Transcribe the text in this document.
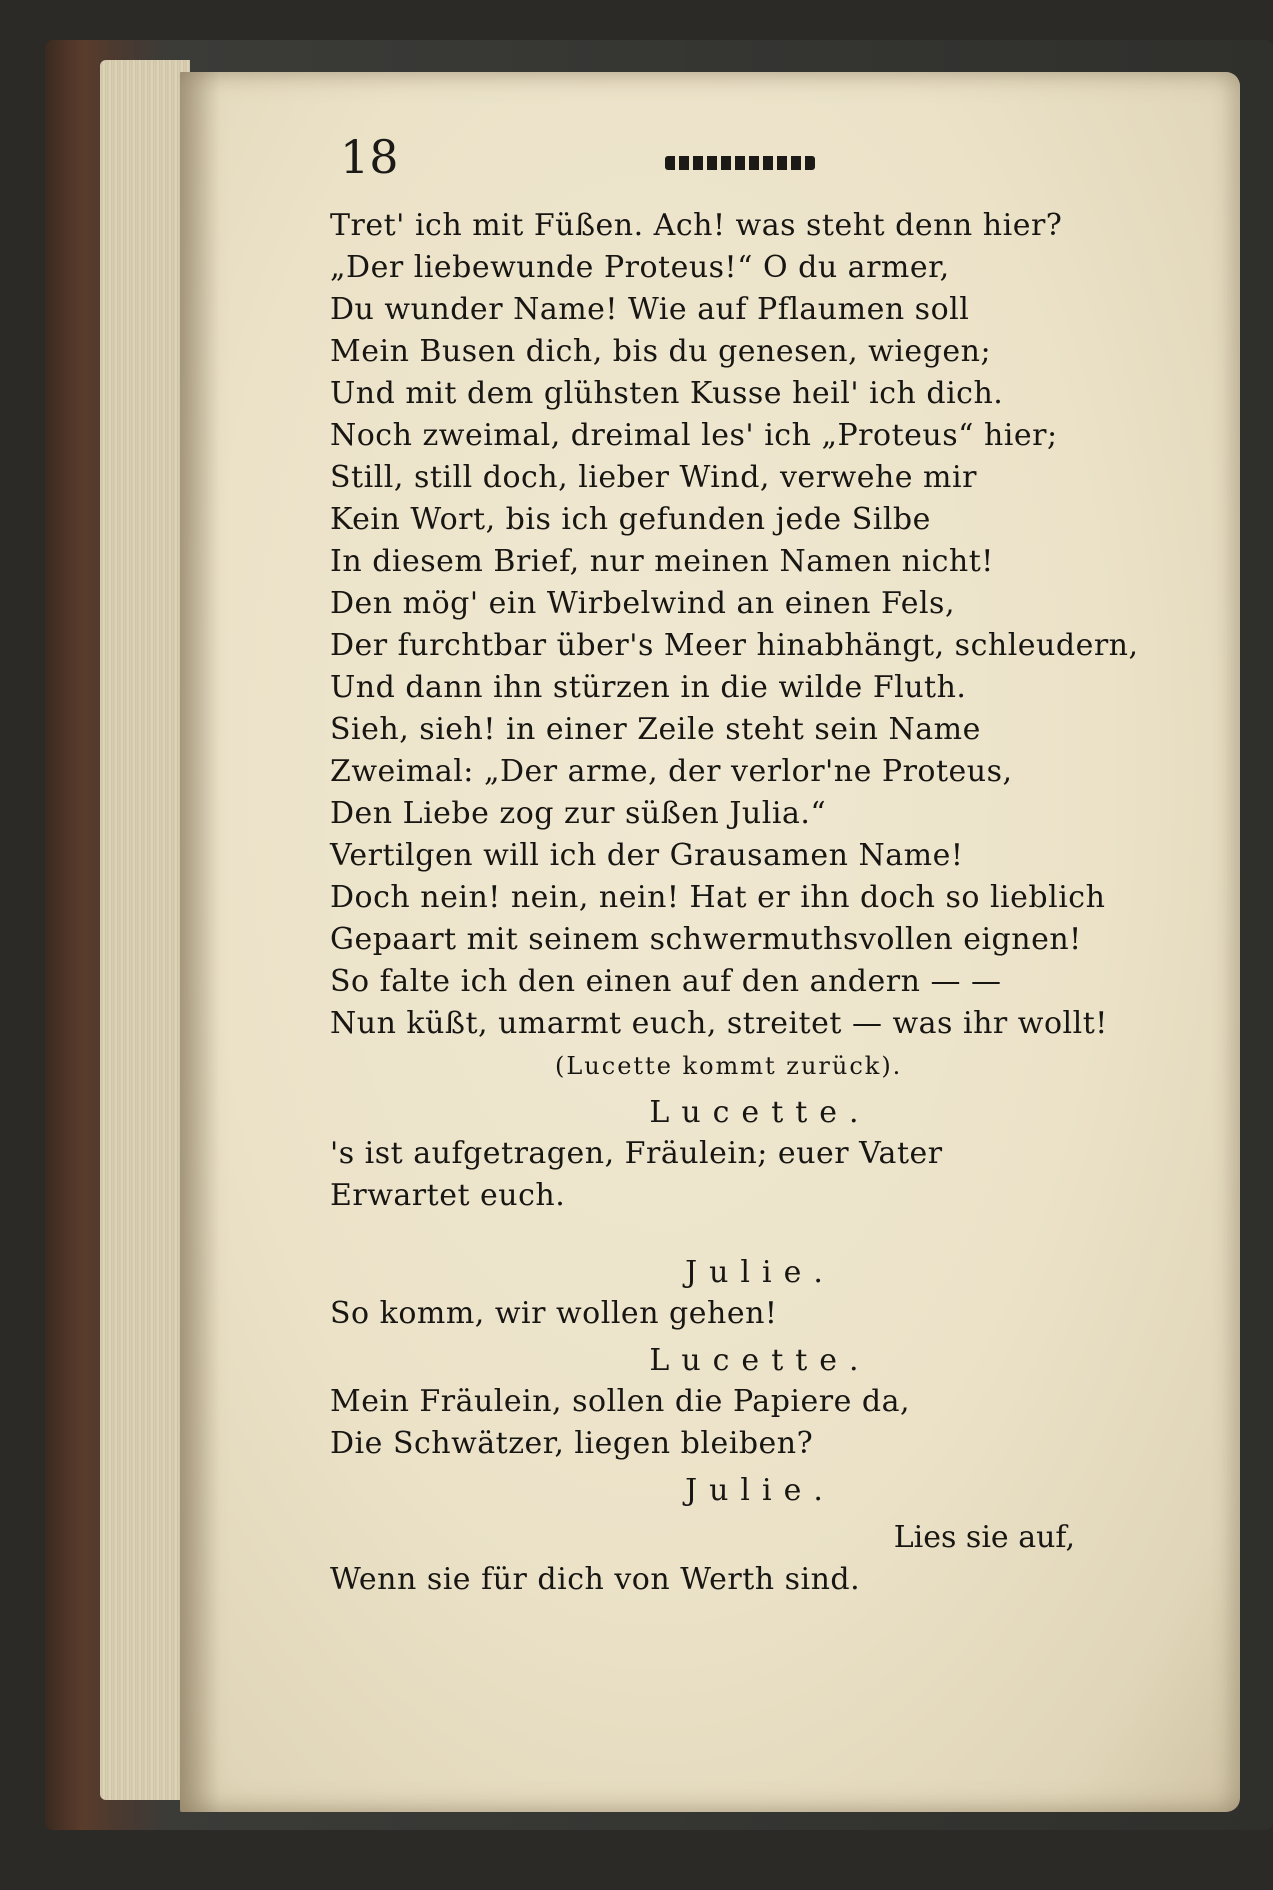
18
Tret' ich mit Füßen. Ach! was steht denn hier?
„Der liebewunde Proteus!“ O du armer,
Du wunder Name! Wie auf Pflaumen soll
Mein Busen dich, bis du genesen, wiegen;
Und mit dem glühsten Kusse heil' ich dich.
Noch zweimal, dreimal les' ich „Proteus“ hier;
Still, still doch, lieber Wind, verwehe mir
Kein Wort, bis ich gefunden jede Silbe
In diesem Brief, nur meinen Namen nicht!
Den mög' ein Wirbelwind an einen Fels,
Der furchtbar über's Meer hinabhängt, schleudern,
Und dann ihn stürzen in die wilde Fluth.
Sieh, sieh! in einer Zeile steht sein Name
Zweimal: „Der arme, der verlor'ne Proteus,
Den Liebe zog zur süßen Julia.“
Vertilgen will ich der Grausamen Name!
Doch nein! nein, nein! Hat er ihn doch so lieblich
Gepaart mit seinem schwermuthsvollen eignen!
So falte ich den einen auf den andern — —
Nun küßt, umarmt euch, streitet — was ihr wollt!
(Lucette kommt zurück).
Lucette.
's ist aufgetragen, Fräulein; euer Vater
Erwartet euch.
Julie.
So komm, wir wollen gehen!
Lucette.
Mein Fräulein, sollen die Papiere da,
Die Schwätzer, liegen bleiben?
Julie.
Lies sie auf,
Wenn sie für dich von Werth sind.
